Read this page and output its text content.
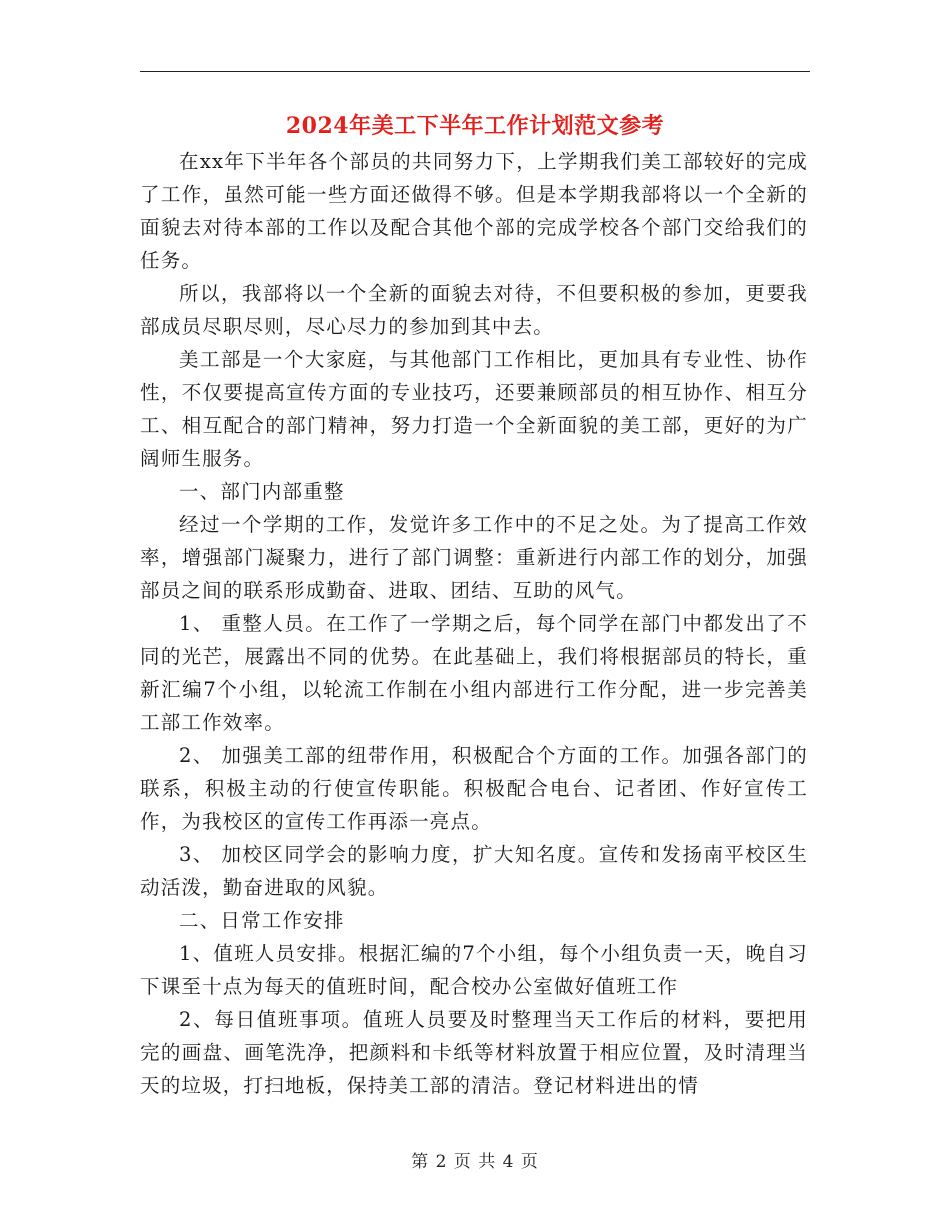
2024年美工下半年工作计划范文参考

在xx年下半年各个部员的共同努力下，上学期我们美工部较好的完成了工作，虽然可能一些方面还做得不够。但是本学期我部将以一个全新的面貌去对待本部的工作以及配合其他个部的完成学校各个部门交给我们的任务。

所以，我部将以一个全新的面貌去对待，不但要积极的参加，更要我部成员尽职尽则，尽心尽力的参加到其中去。

美工部是一个大家庭，与其他部门工作相比，更加具有专业性、协作性，不仅要提高宣传方面的专业技巧，还要兼顾部员的相互协作、相互分工、相互配合的部门精神，努力打造一个全新面貌的美工部，更好的为广阔师生服务。

一、部门内部重整

经过一个学期的工作，发觉许多工作中的不足之处。为了提高工作效率，增强部门凝聚力，进行了部门调整：重新进行内部工作的划分，加强部员之间的联系形成勤奋、进取、团结、互助的风气。

1、 重整人员。在工作了一学期之后，每个同学在部门中都发出了不同的光芒，展露出不同的优势。在此基础上，我们将根据部员的特长，重新汇编7个小组，以轮流工作制在小组内部进行工作分配，进一步完善美工部工作效率。

2、 加强美工部的纽带作用，积极配合个方面的工作。加强各部门的联系，积极主动的行使宣传职能。积极配合电台、记者团、作好宣传工作，为我校区的宣传工作再添一亮点。

3、 加校区同学会的影响力度，扩大知名度。宣传和发扬南平校区生动活泼，勤奋进取的风貌。

二、日常工作安排

1、值班人员安排。根据汇编的7个小组，每个小组负责一天，晚自习下课至十点为每天的值班时间，配合校办公室做好值班工作

2、每日值班事项。值班人员要及时整理当天工作后的材料，要把用完的画盘、画笔洗净，把颜料和卡纸等材料放置于相应位置，及时清理当天的垃圾，打扫地板，保持美工部的清洁。登记材料进出的情

第 2 页 共 4 页
